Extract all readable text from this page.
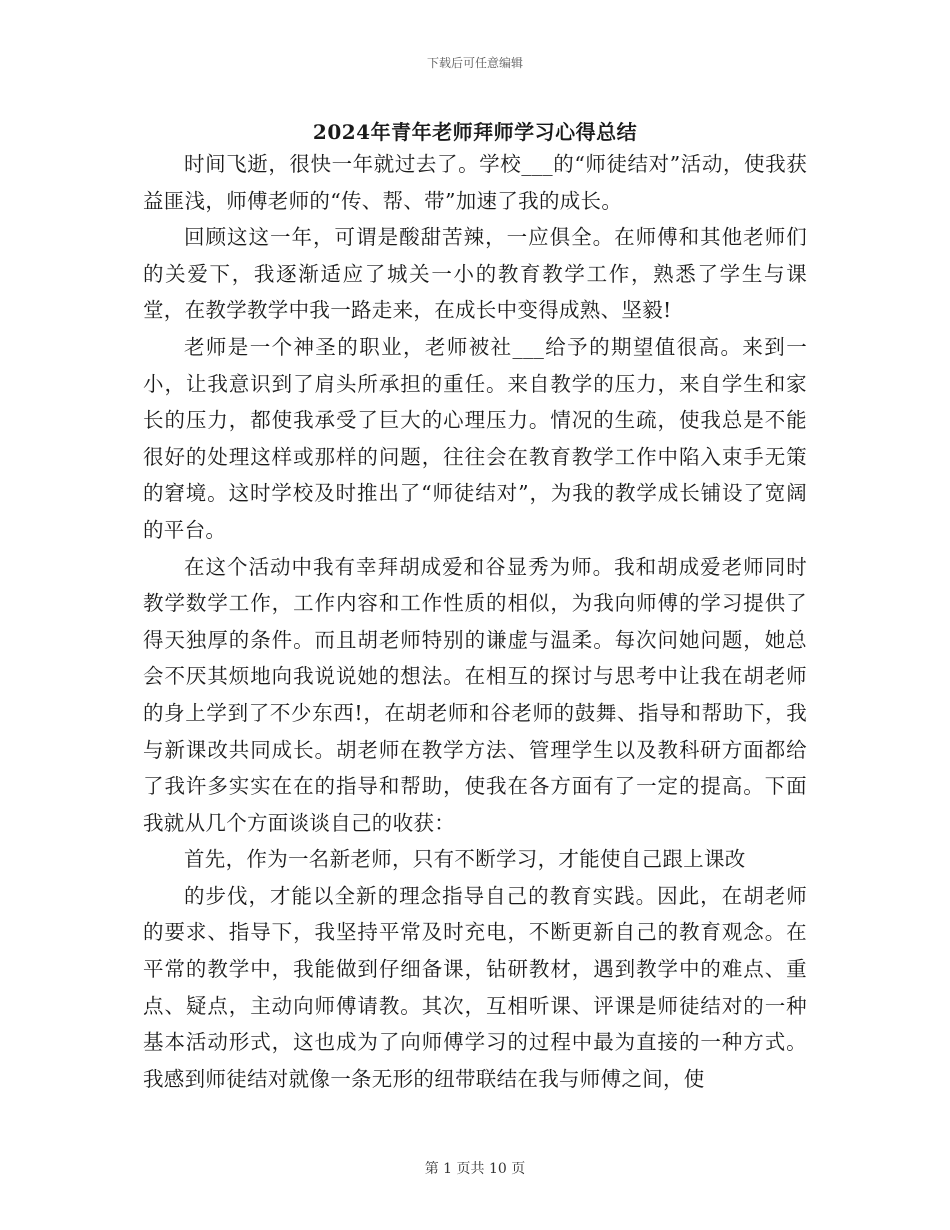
下载后可任意编辑
2024年青年老师拜师学习心得总结

时间飞逝，很快一年就过去了。学校___的“师徒结对”活动，使我获益匪浅，师傅老师的“传、帮、带”加速了我的成长。

回顾这这一年，可谓是酸甜苦辣，一应俱全。在师傅和其他老师们的关爱下，我逐渐适应了城关一小的教育教学工作，熟悉了学生与课堂，在教学教学中我一路走来，在成长中变得成熟、坚毅!

老师是一个神圣的职业，老师被社___给予的期望值很高。来到一小，让我意识到了肩头所承担的重任。来自教学的压力，来自学生和家长的压力，都使我承受了巨大的心理压力。情况的生疏，使我总是不能很好的处理这样或那样的问题，往往会在教育教学工作中陷入束手无策的窘境。这时学校及时推出了“师徒结对”，为我的教学成长铺设了宽阔的平台。

在这个活动中我有幸拜胡成爱和谷显秀为师。我和胡成爱老师同时教学数学工作，工作内容和工作性质的相似，为我向师傅的学习提供了得天独厚的条件。而且胡老师特别的谦虚与温柔。每次问她问题，她总会不厌其烦地向我说说她的想法。在相互的探讨与思考中让我在胡老师的身上学到了不少东西!，在胡老师和谷老师的鼓舞、指导和帮助下，我与新课改共同成长。胡老师在教学方法、管理学生以及教科研方面都给了我许多实实在在的指导和帮助，使我在各方面有了一定的提高。下面我就从几个方面谈谈自己的收获：

首先，作为一名新老师，只有不断学习，才能使自己跟上课改

的步伐，才能以全新的理念指导自己的教育实践。因此，在胡老师的要求、指导下，我坚持平常及时充电，不断更新自己的教育观念。在平常的教学中，我能做到仔细备课，钻研教材，遇到教学中的难点、重点、疑点，主动向师傅请教。其次，互相听课、评课是师徒结对的一种基本活动形式，这也成为了向师傅学习的过程中最为直接的一种方式。我感到师徒结对就像一条无形的纽带联结在我与师傅之间，使

第 1 页共 10 页
